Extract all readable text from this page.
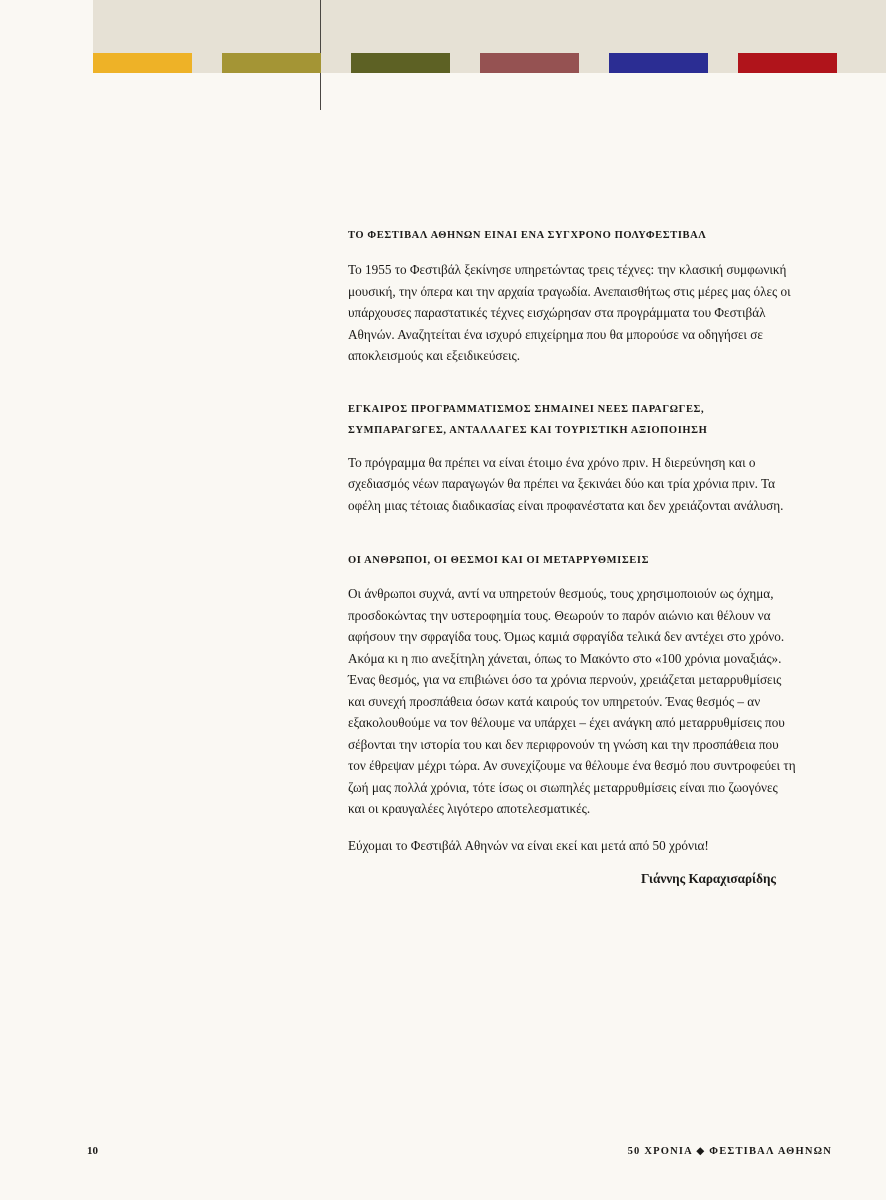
ΤΟ ΦΕΣΤΙΒΑΛ ΑΘΗΝΩΝ ΕΙΝΑΙ ΕΝΑ ΣΥΓΧΡΟΝΟ ΠΟΛΥΦΕΣΤΙΒΑΛ

Το 1955 το Φεστιβάλ ξεκίνησε υπηρετώντας τρεις τέχνες: την κλασική συμφωνική μουσική, την όπερα και την αρχαία τραγωδία. Ανεπαισθήτως στις μέρες μας όλες οι υπάρχουσες παραστατικές τέχνες εισχώρησαν στα προγράμματα του Φεστιβάλ Αθηνών. Αναζητείται ένα ισχυρό επιχείρημα που θα μπορούσε να οδηγήσει σε αποκλεισμούς και εξειδικεύσεις.

ΕΓΚΑΙΡΟΣ ΠΡΟΓΡΑΜΜΑΤΙΣΜΟΣ ΣΗΜΑΙΝΕΙ ΝΕΕΣ ΠΑΡΑΓΩΓΕΣ, ΣΥΜΠΑΡΑΓΩΓΕΣ, ΑΝΤΑΛΛΑΓΕΣ ΚΑΙ ΤΟΥΡΙΣΤΙΚΗ ΑΞΙΟΠΟΙΗΣΗ

Το πρόγραμμα θα πρέπει να είναι έτοιμο ένα χρόνο πριν. Η διερεύνηση και ο σχεδιασμός νέων παραγωγών θα πρέπει να ξεκινάει δύο και τρία χρόνια πριν. Τα οφέλη μιας τέτοιας διαδικασίας είναι προφανέστατα και δεν χρειάζονται ανάλυση.

ΟΙ ΑΝΘΡΩΠΟΙ, ΟΙ ΘΕΣΜΟΙ ΚΑΙ ΟΙ ΜΕΤΑΡΡΥΘΜΙΣΕΙΣ

Οι άνθρωποι συχνά, αντί να υπηρετούν θεσμούς, τους χρησιμοποιούν ως όχημα, προσδοκώντας την υστεροφημία τους. Θεωρούν το παρόν αιώνιο και θέλουν να αφήσουν την σφραγίδα τους. Όμως καμιά σφραγίδα τελικά δεν αντέχει στο χρόνο. Ακόμα κι η πιο ανεξίτηλη χάνεται, όπως το Μακόντο στο «100 χρόνια μοναξιάς». Ένας θεσμός, για να επιβιώνει όσο τα χρόνια περνούν, χρειάζεται μεταρρυθμίσεις και συνεχή προσπάθεια όσων κατά καιρούς τον υπηρετούν. Ένας θεσμός – αν εξακολουθούμε να τον θέλουμε να υπάρχει – έχει ανάγκη από μεταρρυθμίσεις που σέβονται την ιστορία του και δεν περιφρονούν τη γνώση και την προσπάθεια που τον έθρεψαν μέχρι τώρα. Αν συνεχίζουμε να θέλουμε ένα θεσμό που συντροφεύει τη ζωή μας πολλά χρόνια, τότε ίσως οι σιωπηλές μεταρρυθμίσεις είναι πιο ζωογόνες και οι κραυγαλέες λιγότερο αποτελεσματικές.

Εύχομαι το Φεστιβάλ Αθηνών να είναι εκεί και μετά από 50 χρόνια!

Γιάννης Καραχισαρίδης
10	50 ΧΡΟΝΙΑ ◆ ΦΕΣΤΙΒΑΛ ΑΘΗΝΩΝ
